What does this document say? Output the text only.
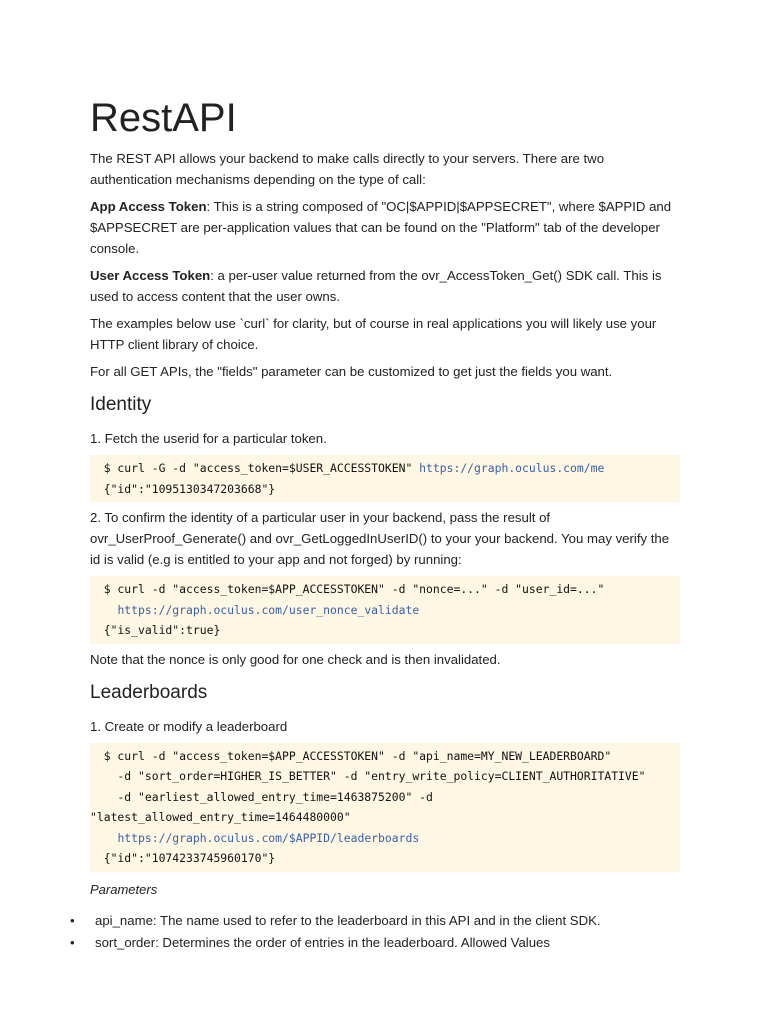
RestAPI

The REST API allows your backend to make calls directly to your servers. There are two authentication mechanisms depending on the type of call:

App Access Token: This is a string composed of "OC|$APPID|$APPSECRET", where $APPID and $APPSECRET are per-application values that can be found on the "Platform" tab of the developer console.

User Access Token: a per-user value returned from the ovr_AccessToken_Get() SDK call. This is used to access content that the user owns.

The examples below use `curl` for clarity, but of course in real applications you will likely use your HTTP client library of choice.

For all GET APIs, the "fields" parameter can be customized to get just the fields you want.

Identity

1. Fetch the userid for a particular token.

$ curl -G -d "access_token=$USER_ACCESSTOKEN" https://graph.oculus.com/me
{"id":"1095130347203668"}

2. To confirm the identity of a particular user in your backend, pass the result of ovr_UserProof_Generate() and ovr_GetLoggedInUserID() to your your backend. You may verify the id is valid (e.g is entitled to your app and not forged) by running:

$ curl -d "access_token=$APP_ACCESSTOKEN" -d "nonce=..." -d "user_id=..."
https://graph.oculus.com/user_nonce_validate
{"is_valid":true}

Note that the nonce is only good for one check and is then invalidated.

Leaderboards

1. Create or modify a leaderboard

$ curl -d "access_token=$APP_ACCESSTOKEN" -d "api_name=MY_NEW_LEADERBOARD"
-d "sort_order=HIGHER_IS_BETTER" -d "entry_write_policy=CLIENT_AUTHORITATIVE"
-d "earliest_allowed_entry_time=1463875200" -d
"latest_allowed_entry_time=1464480000"
https://graph.oculus.com/$APPID/leaderboards
{"id":"1074233745960170"}
Parameters
• api_name: The name used to refer to the leaderboard in this API and in the client SDK.
• sort_order: Determines the order of entries in the leaderboard. Allowed Values
